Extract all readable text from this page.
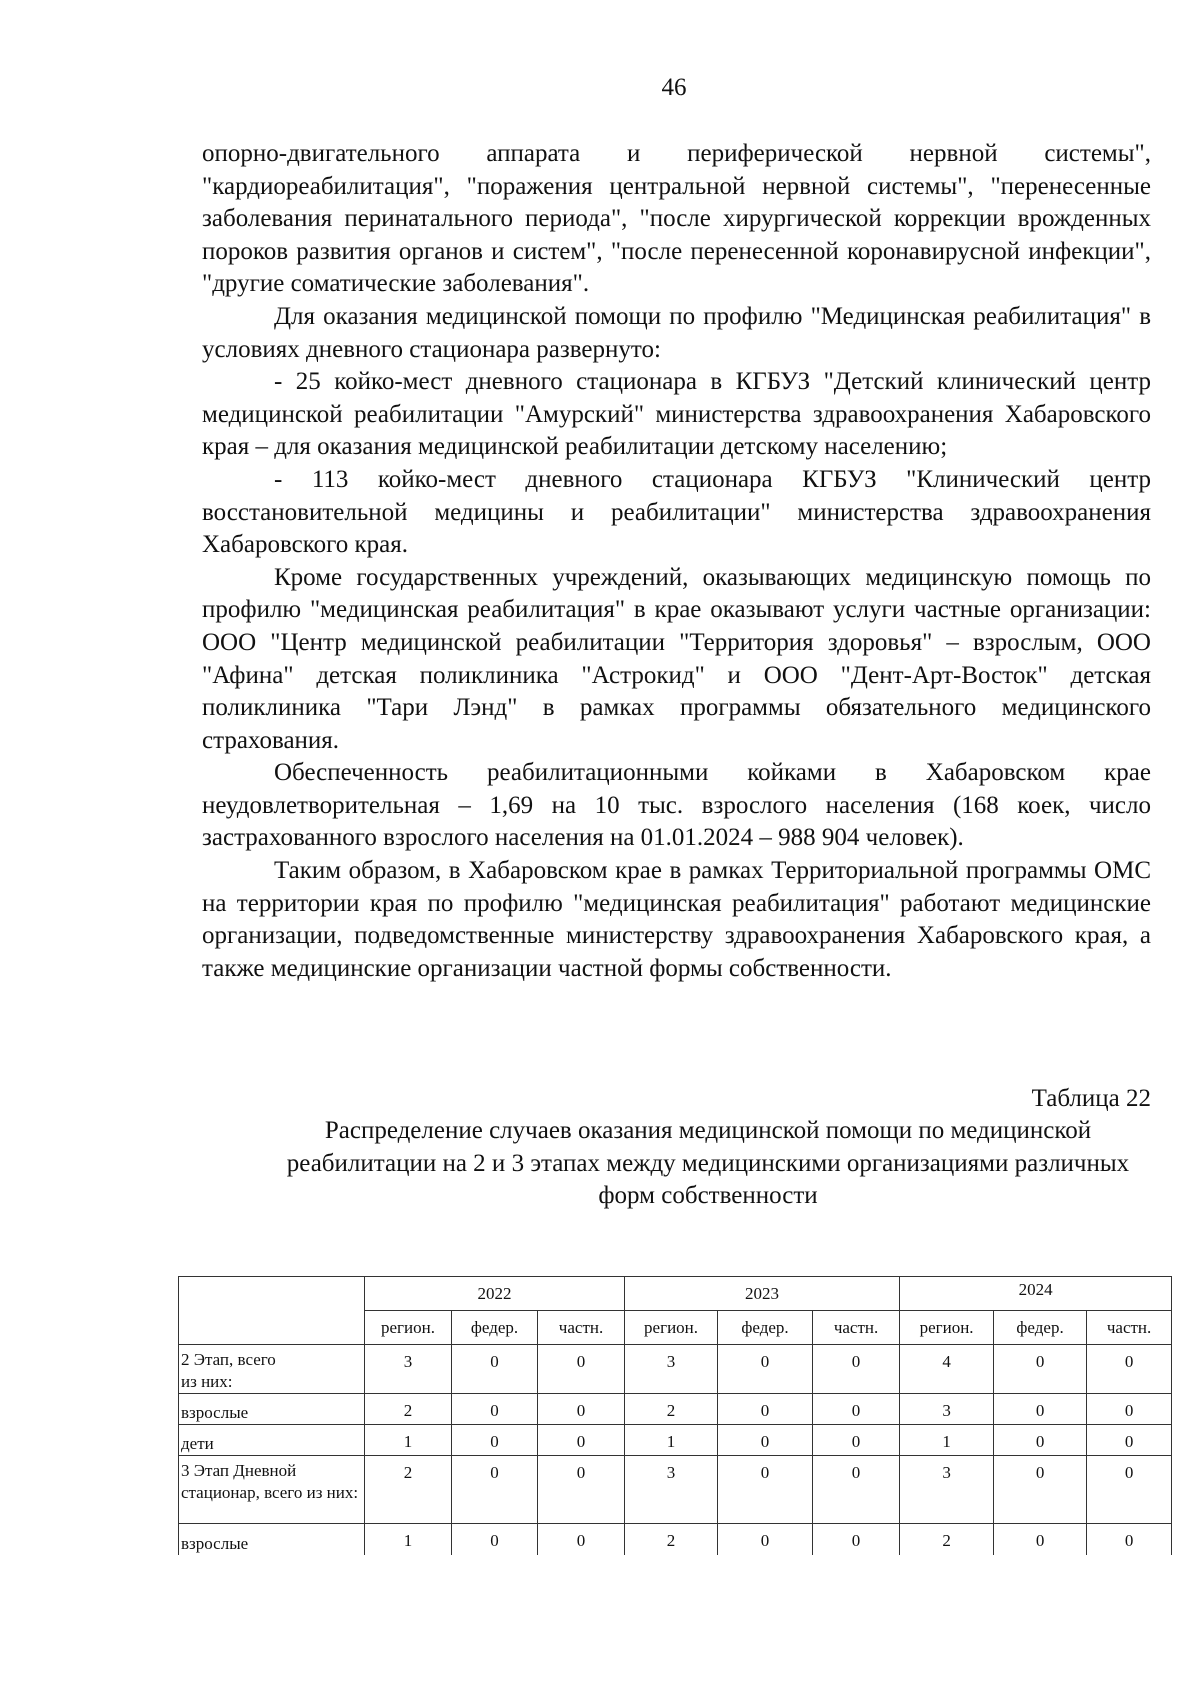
46

опорно-двигательного аппарата и периферической нервной системы", "кардиореабилитация", "поражения центральной нервной системы", "перенесенные заболевания перинатального периода", "после хирургической коррекции врожденных пороков развития органов и систем", "после перенесенной коронавирусной инфекции", "другие соматические заболевания".

Для оказания медицинской помощи по профилю "Медицинская реабилитация" в условиях дневного стационара развернуто:

- 25 койко-мест дневного стационара в КГБУЗ "Детский клинический центр медицинской реабилитации "Амурский" министерства здравоохранения Хабаровского края – для оказания медицинской реабилитации детскому населению;

- 113 койко-мест дневного стационара КГБУЗ "Клинический центр восстановительной медицины и реабилитации" министерства здравоохранения Хабаровского края.

Кроме государственных учреждений, оказывающих медицинскую помощь по профилю "медицинская реабилитация" в крае оказывают услуги частные организации: ООО "Центр медицинской реабилитации "Территория здоровья" – взрослым, ООО "Афина" детская поликлиника "Астрокид" и ООО "Дент-Арт-Восток" детская поликлиника "Тари Лэнд" в рамках программы обязательного медицинского страхования.

Обеспеченность реабилитационными койками в Хабаровском крае неудовлетворительная – 1,69 на 10 тыс. взрослого населения (168 коек, число застрахованного взрослого населения на 01.01.2024 – 988 904 человек).

Таким образом, в Хабаровском крае в рамках Территориальной программы ОМС на территории края по профилю "медицинская реабилитация" работают медицинские организации, подведомственные министерству здравоохранения Хабаровского края, а также медицинские организации частной формы собственности.

Таблица 22

Распределение случаев оказания медицинской помощи по медицинской реабилитации на 2 и 3 этапах между медицинскими организациями различных форм собственности

	2022			2023			2024		
	регион.	федер.	частн.	регион.	федер.	частн.	регион.	федер.	частн.
2 Этап, всего
из них:	3	0	0	3	0	0	4	0	0
взрослые	2	0	0	2	0	0	3	0	0
дети	1	0	0	1	0	0	1	0	0
3 Этап Дневной стационар, всего из них:	2	0	0	3	0	0	3	0	0
взрослые	1	0	0	2	0	0	2	0	0
